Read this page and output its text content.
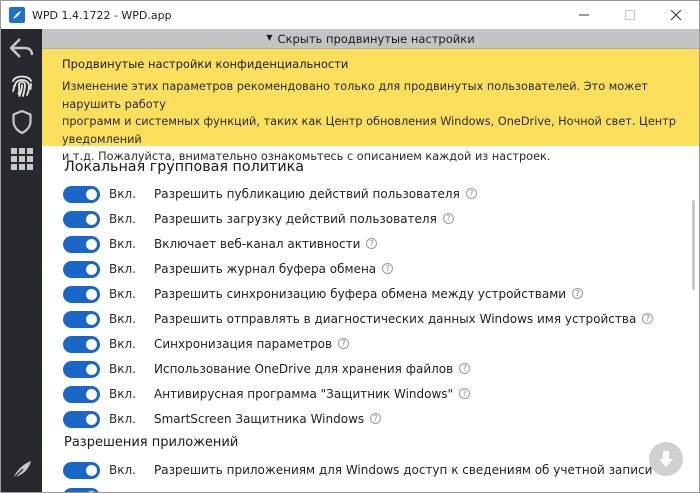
WPD 1.4.1722 - WPD.app
▼ Скрыть продвинутые настройки
Продвинутые настройки конфиденциальности
Изменение этих параметров рекомендовано только для продвинутых пользователей. Это может нарушить работу
программ и системных функций, таких как Центр обновления Windows, OneDrive, Ночной свет. Центр уведомлений
и т.д. Пожалуйста, внимательно ознакомьтесь с описанием каждой из настроек.
Локальная групповая политика
Вкл.	Разрешить публикацию действий пользователя	?
Вкл.	Разрешить загрузку действий пользователя	?
Вкл.	Включает веб-канал активности	?
Вкл.	Разрешить журнал буфера обмена	?
Вкл.	Разрешить синхронизацию буфера обмена между устройствами	?
Вкл.	Разрешить отправлять в диагностических данных Windows имя устройства	?
Вкл.	Синхронизация параметров	?
Вкл.	Использование OneDrive для хранения файлов	?
Вкл.	Антивирусная программа "Защитник Windows"	?
Вкл.	SmartScreen Защитника Windows	?
Разрешения приложений
Вкл.	Разрешить приложениям для Windows доступ к сведениям об учетной записи
